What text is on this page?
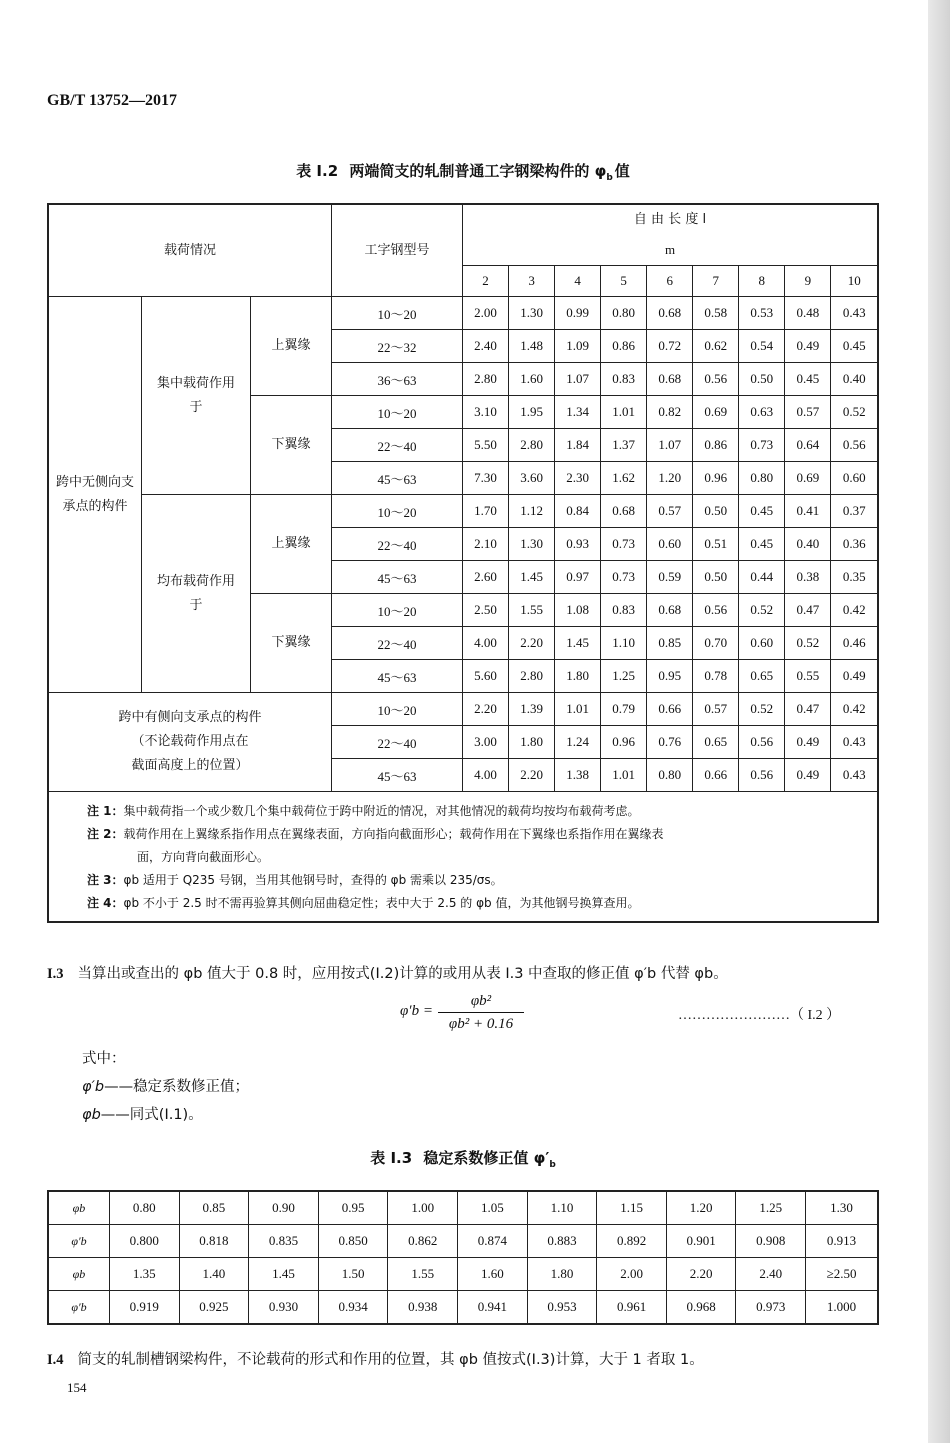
GB/T 13752—2017
表 I.2 两端简支的轧制普通工字钢梁构件的 $\varphi_b$ 值
载荷情况			工字钢型号	自 由 长 度 l								
				m								
				2	3	4	5	6	7	8	9	10
跨中无侧向支承点的构件	集中载荷作用于	上翼缘	10～20	2.00	1.30	0.99	0.80	0.68	0.58	0.53	0.48	0.43
			22～32	2.40	1.48	1.09	0.86	0.72	0.62	0.54	0.49	0.45
			36～63	2.80	1.60	1.07	0.83	0.68	0.56	0.50	0.45	0.40
		下翼缘	10～20	3.10	1.95	1.34	1.01	0.82	0.69	0.63	0.57	0.52
			22～40	5.50	2.80	1.84	1.37	1.07	0.86	0.73	0.64	0.56
			45～63	7.30	3.60	2.30	1.62	1.20	0.96	0.80	0.69	0.60
	均布载荷作用于	上翼缘	10～20	1.70	1.12	0.84	0.68	0.57	0.50	0.45	0.41	0.37
			22～40	2.10	1.30	0.93	0.73	0.60	0.51	0.45	0.40	0.36
			45～63	2.60	1.45	0.97	0.73	0.59	0.50	0.44	0.38	0.35
		下翼缘	10～20	2.50	1.55	1.08	0.83	0.68	0.56	0.52	0.47	0.42
			22～40	4.00	2.20	1.45	1.10	0.85	0.70	0.60	0.52	0.46
			45～63	5.60	2.80	1.80	1.25	0.95	0.78	0.65	0.55	0.49

跨中有侧向支承点的构件
（不论载荷作用点在
截面高度上的位置）			10～20	2.20	1.39	1.01	0.79	0.66	0.57	0.52	0.47	0.42
			22～40	3.00	1.80	1.24	0.96	0.76	0.65	0.56	0.49	0.43
			45～63	4.00	2.20	1.38	1.01	0.80	0.66	0.56	0.49	0.43

注 1：集中载荷指一个或少数几个集中载荷位于跨中附近的情况，对其他情况的载荷均按均布载荷考虑。
注 2：载荷作用在上翼缘系指作用点在翼缘表面，方向指向截面形心；载荷作用在下翼缘也系指作用在翼缘表
面，方向背向截面形心。
注 3：φb 适用于 Q235 号钢，当用其他钢号时，查得的 φb 需乘以 235/σs。
注 4：φb 不小于 2.5 时不需再验算其侧向屈曲稳定性；表中大于 2.5 的 φb 值，为其他钢号换算查用。												
I.3 当算出或查出的 φb 值大于 0.8 时，应用按式(I.2)计算的或用从表 I.3 中查取的修正值 φ′b 代替 φb。
$\varphi'b = \frac{\text{φb²}}{\text{φb² + 0.16}}$	……………………（ I.2 ）
式中：
φ′b——稳定系数修正值；
φb——同式(I.1)。
表 I.3 稳定系数修正值 $\varphi'_b$
φb	0.80	0.85	0.90	0.95	1.00	1.05	1.10	1.15	1.20	1.25	1.30
φ′b	0.800	0.818	0.835	0.850	0.862	0.874	0.883	0.892	0.901	0.908	0.913
φb	1.35	1.40	1.45	1.50	1.55	1.60	1.80	2.00	2.20	2.40	≥2.50
φ′b	0.919	0.925	0.930	0.934	0.938	0.941	0.953	0.961	0.968	0.973	1.000
I.4 简支的轧制槽钢梁构件，不论载荷的形式和作用的位置，其 φb 值按式(I.3)计算，大于 1 者取 1。
154
